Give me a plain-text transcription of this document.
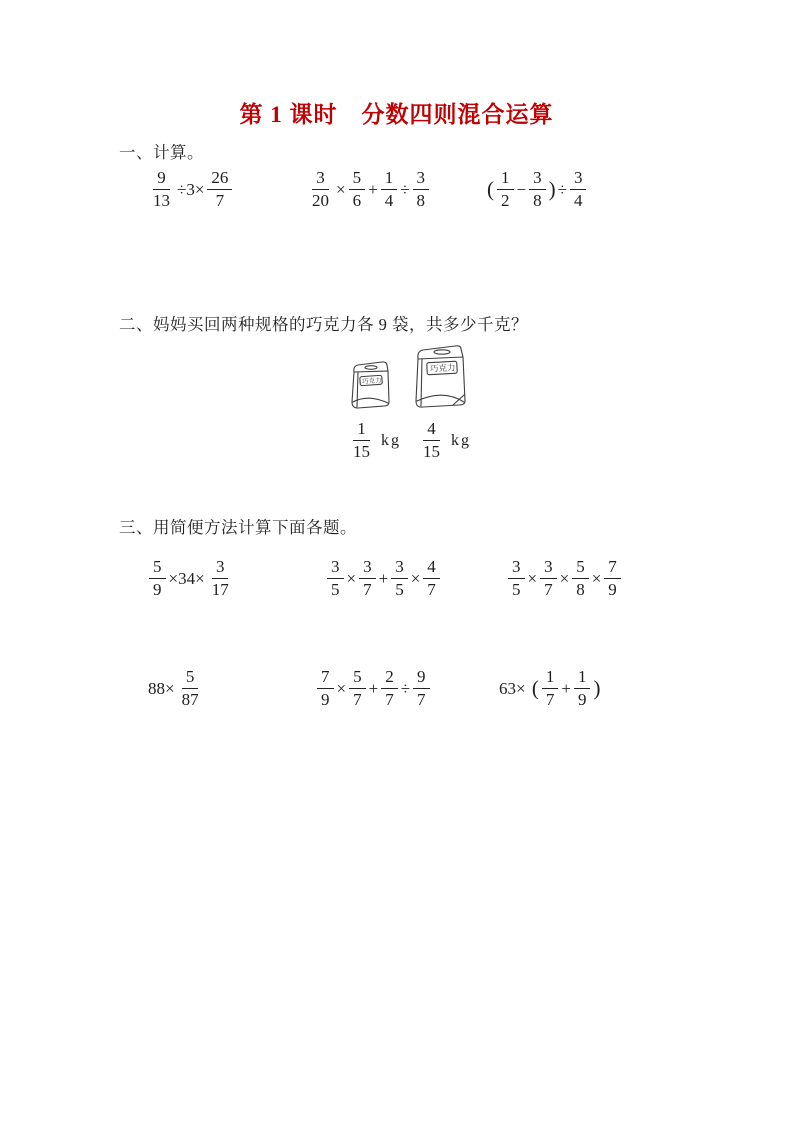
第 1 课时　分数四则混合运算
一、计算。
$\frac{9}{13} \div 3\times \frac{26}{7}$	$\frac{3}{20} \times \frac{5}{6} + \frac{1}{4} \div \frac{3}{8}$	( $\frac{1}{2} - \frac{3}{8}$ ) ÷ $\frac{3}{4}$
二、妈妈买回两种规格的巧克力各 9 袋，共多少千克？
巧克力
巧克力
$\frac{1}{15}$ kg $\frac{4}{15}$ kg
三、用简便方法计算下面各题。
$\frac{5}{9} \times 34\times \frac{3}{17}$	$\frac{3}{5} \times \frac{3}{7} + \frac{3}{5} \times \frac{4}{7}$	$\frac{3}{5} \times \frac{3}{7} \times \frac{5}{8} \times \frac{7}{9}$
$88\times \frac{5}{87}$	$\frac{7}{9} \times \frac{5}{7} + \frac{2}{7} \div \frac{9}{7}$	63× ( $\frac{1}{7} + \frac{1}{9}$ )
